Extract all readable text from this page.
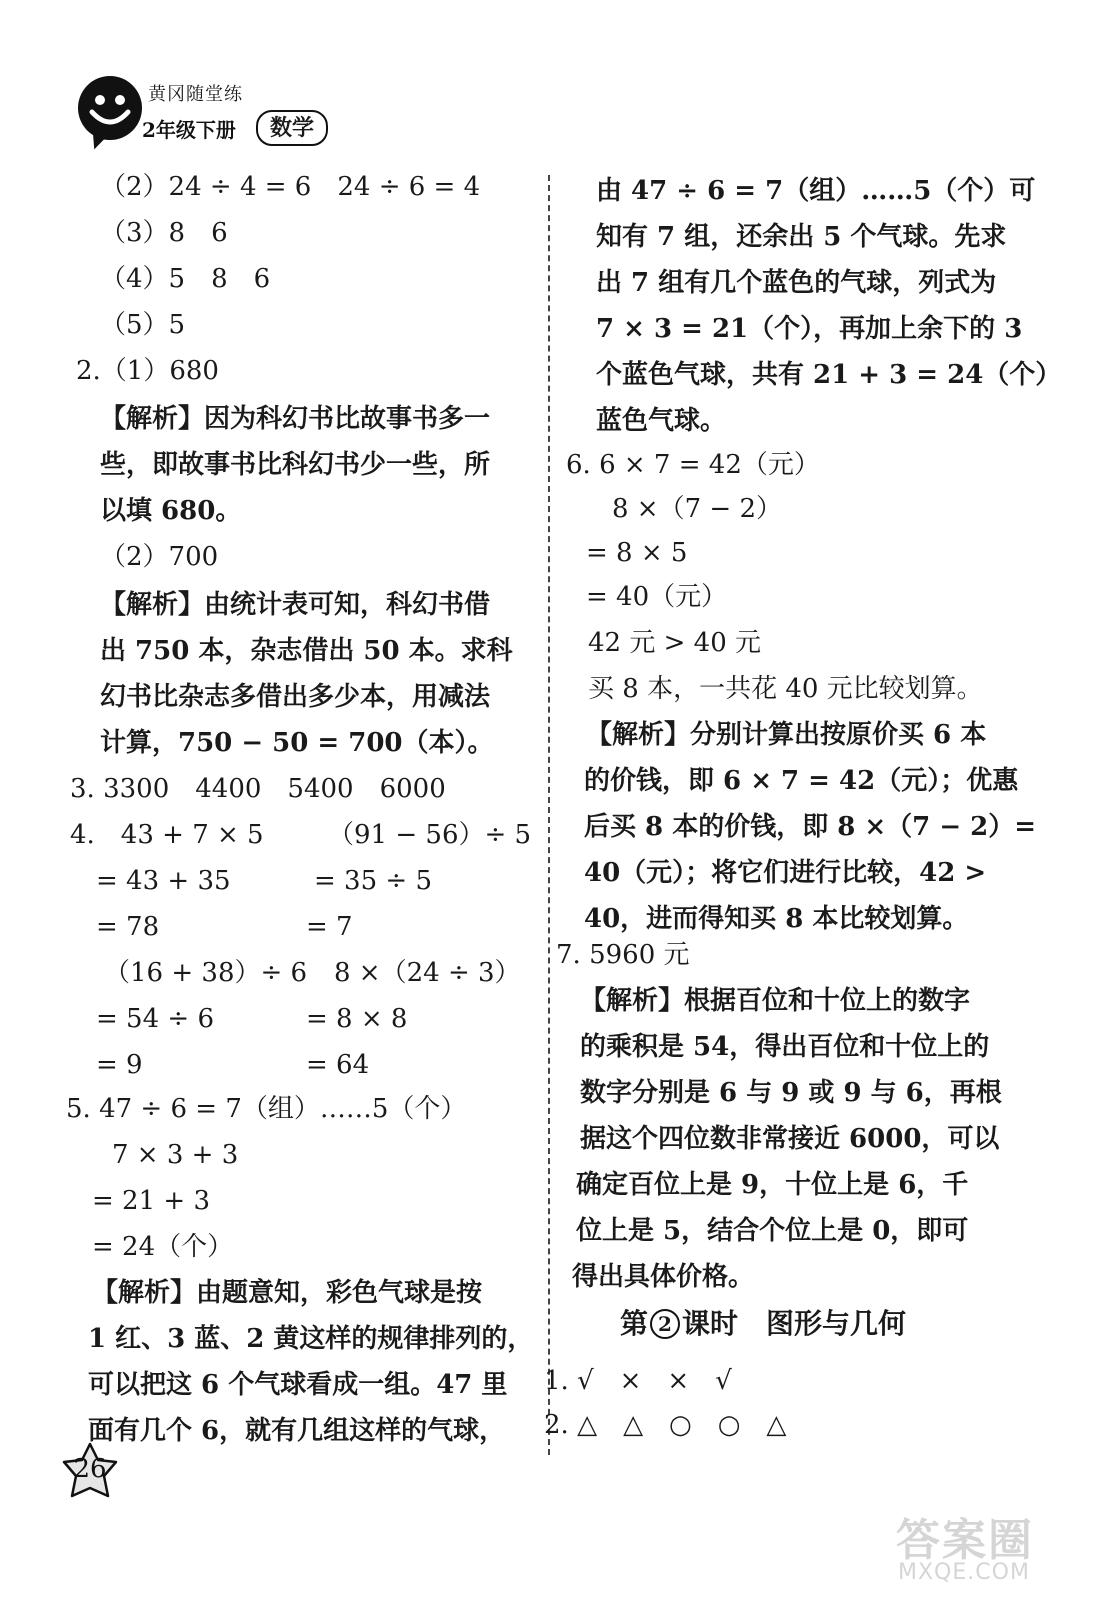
黄冈随堂练
2年级下册	数学
（2）24 ÷ 4 = 6　24 ÷ 6 = 4
（3）8　6
（4）5　8　6
（5）5
2.（1）680
【解析】因为科幻书比故事书多一
些，即故事书比科幻书少一些，所
以填 680。
（2）700
【解析】由统计表可知，科幻书借
出 750 本，杂志借出 50 本。求科
幻书比杂志多借出多少本，用减法
计算，750 − 50 = 700（本）。
3. 3300　4400　5400　6000
4.　43 + 7 × 5 （91 − 56）÷ 5
= 43 + 35	= 35 ÷ 5
= 78	= 7
（16 + 38）÷ 6 8 ×（24 ÷ 3）
= 54 ÷ 6	= 8 × 8
= 9	= 64
5. 47 ÷ 6 = 7（组）……5（个）
7 × 3 + 3
= 21 + 3
= 24（个）
【解析】由题意知，彩色气球是按
1 红、3 蓝、2 黄这样的规律排列的，
可以把这 6 个气球看成一组。47 里
面有几个 6，就有几组这样的气球，
由 47 ÷ 6 = 7（组）……5（个）可
知有 7 组，还余出 5 个气球。先求
出 7 组有几个蓝色的气球，列式为
7 × 3 = 21（个），再加上余下的 3
个蓝色气球，共有 21 + 3 = 24（个）
蓝色气球。
6. 6 × 7 = 42（元）
8 ×（7 − 2）
= 8 × 5
= 40（元）
42 元 > 40 元
买 8 本，一共花 40 元比较划算。
【解析】分别计算出按原价买 6 本
的价钱，即 6 × 7 = 42（元）；优惠
后买 8 本的价钱，即 8 ×（7 − 2）=
40（元）；将它们进行比较，42 >
40，进而得知买 8 本比较划算。
7. 5960 元
【解析】根据百位和十位上的数字
的乘积是 54，得出百位和十位上的
数字分别是 6 与 9 或 9 与 6，再根
据这个四位数非常接近 6000，可以
确定百位上是 9，十位上是 6，千
位上是 5，结合个位上是 0，即可
得出具体价格。
第 2 课时　图形与几何
1. √　×　×　√
2. △　△　○　○　△
26
答案圈
MXQE.COM
